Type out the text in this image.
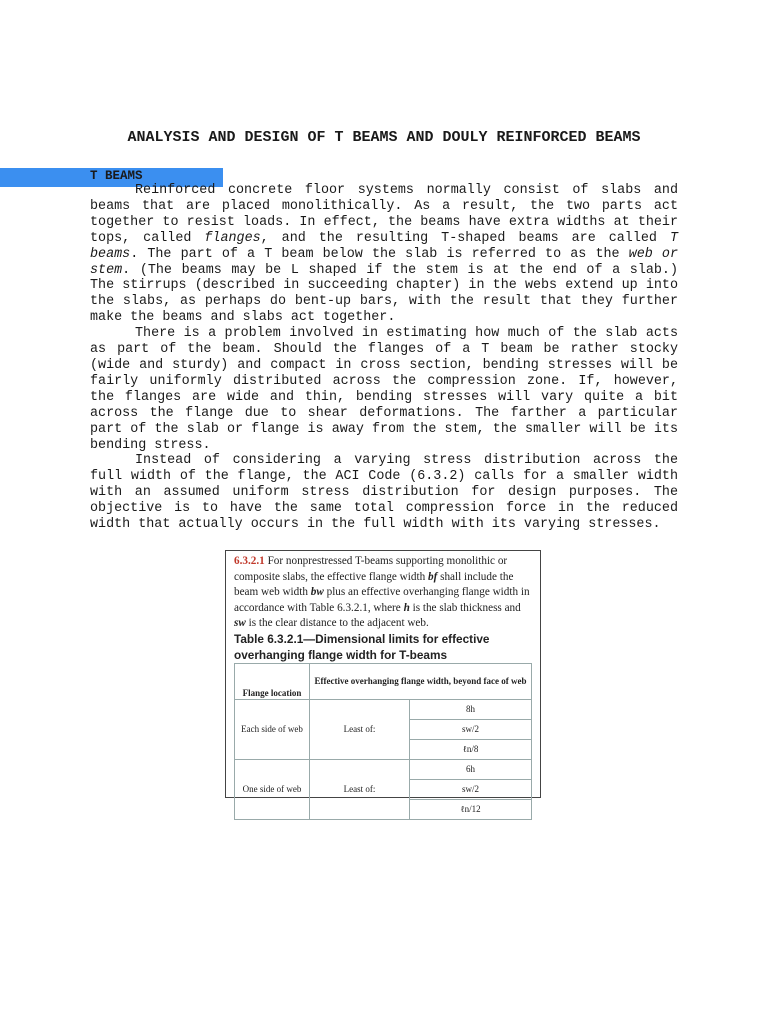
ANALYSIS AND DESIGN OF T BEAMS AND DOULY REINFORCED BEAMS
T BEAMS

Reinforced concrete floor systems normally consist of slabs and beams that are placed monolithically. As a result, the two parts act together to resist loads. In effect, the beams have extra widths at their tops, called flanges, and the resulting T-shaped beams are called T beams. The part of a T beam below the slab is referred to as the web or stem. (The beams may be L shaped if the stem is at the end of a slab.) The stirrups (described in succeeding chapter) in the webs extend up into the slabs, as perhaps do bent-up bars, with the result that they further make the beams and slabs act together.

There is a problem involved in estimating how much of the slab acts as part of the beam. Should the flanges of a T beam be rather stocky (wide and sturdy) and compact in cross section, bending stresses will be fairly uniformly distributed across the compression zone. If, however, the flanges are wide and thin, bending stresses will vary quite a bit across the flange due to shear deformations. The farther a particular part of the slab or flange is away from the stem, the smaller will be its bending stress.

Instead of considering a varying stress distribution across the full width of the flange, the ACI Code (6.3.2) calls for a smaller width with an assumed uniform stress distribution for design purposes. The objective is to have the same total compression force in the reduced width that actually occurs in the full width with its varying stresses.

6.3.2.1 For nonprestressed T-beams supporting monolithic or composite slabs, the effective flange width bf shall include the beam web width bw plus an effective overhanging flange width in accordance with Table 6.3.2.1, where h is the slab thickness and sw is the clear distance to the adjacent web.
Table 6.3.2.1—Dimensional limits for effective overhanging flange width for T-beams
Flange location	Effective overhanging flange width, beyond face of web	
Each side of web	Least of:	8h
		sw/2
		ℓn/8
One side of web	Least of:	6h
		sw/2
		ℓn/12
